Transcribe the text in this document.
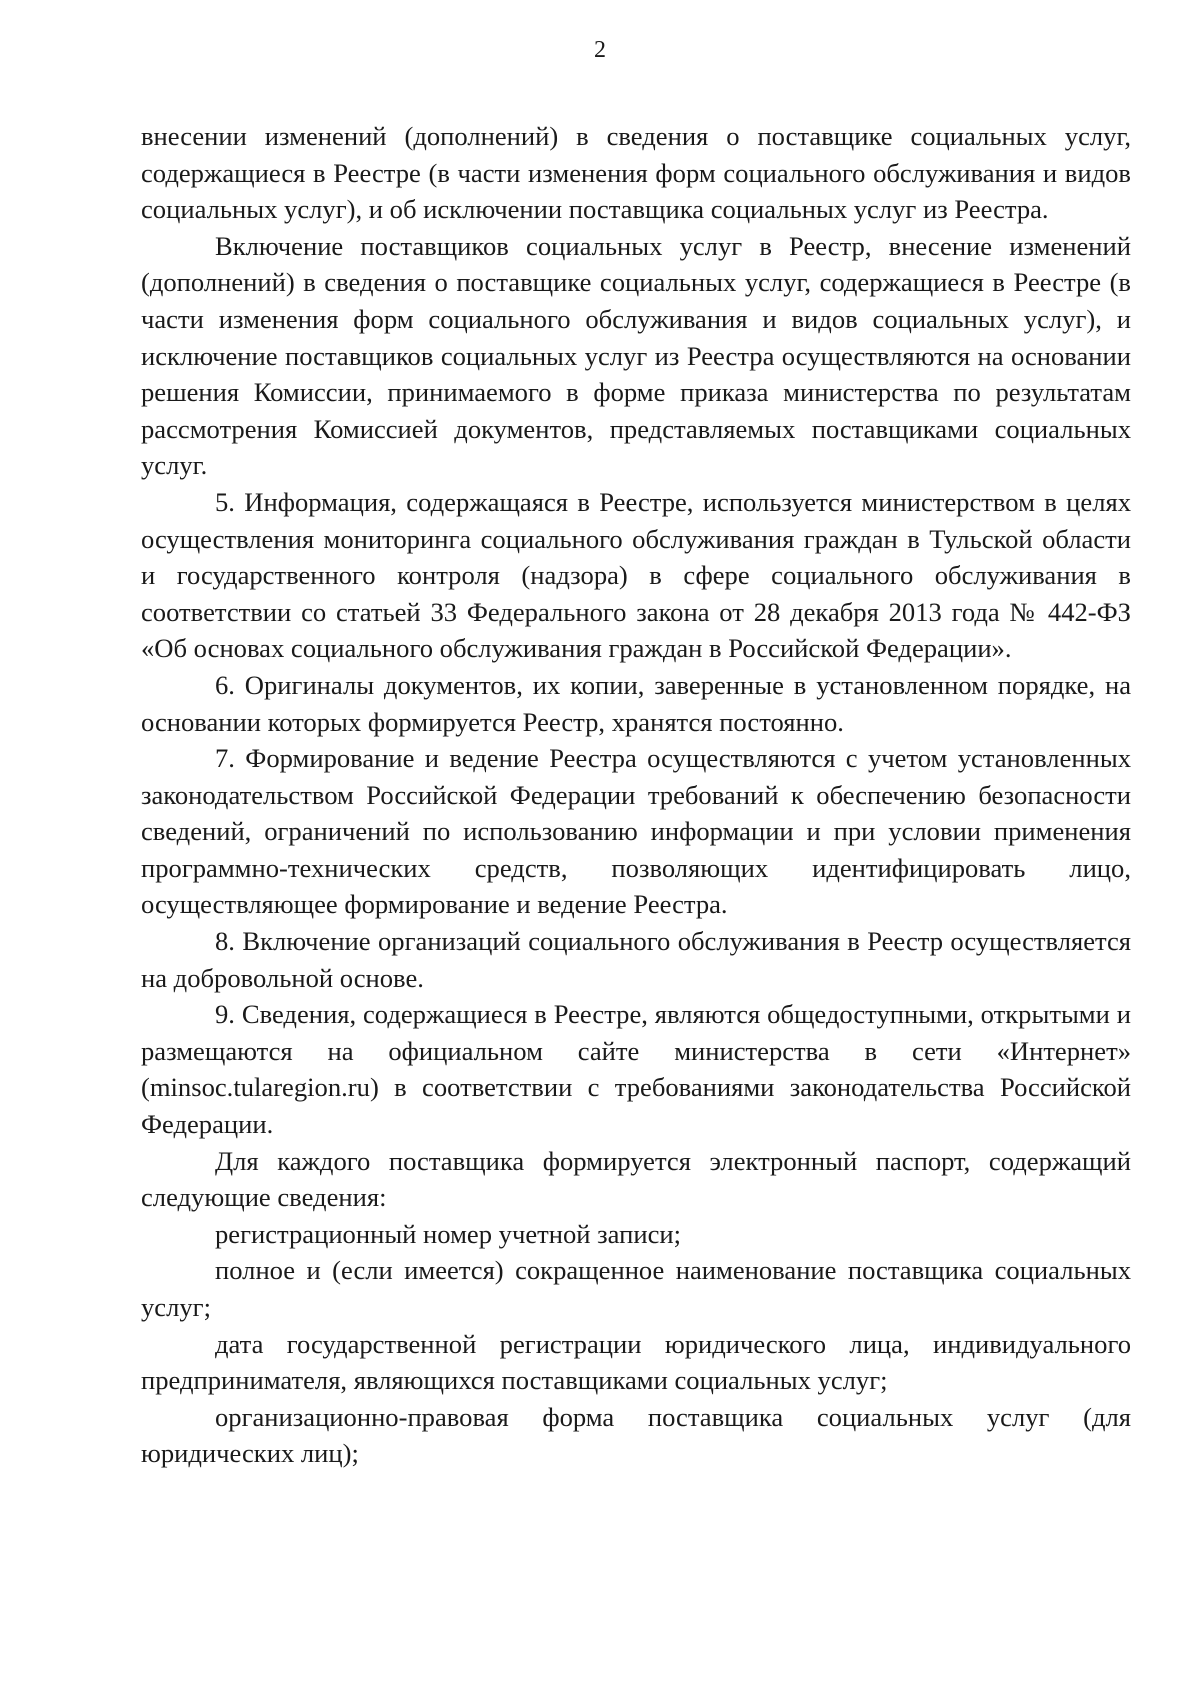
2

внесении изменений (дополнений) в сведения о поставщике социальных услуг, содержащиеся в Реестре (в части изменения форм социального обслуживания и видов социальных услуг), и об исключении поставщика социальных услуг из Реестра.

Включение поставщиков социальных услуг в Реестр, внесение изменений (дополнений) в сведения о поставщике социальных услуг, содержащиеся в Реестре (в части изменения форм социального обслуживания и видов социальных услуг), и исключение поставщиков социальных услуг из Реестра осуществляются на основании решения Комиссии, принимаемого в форме приказа министерства по результатам рассмотрения Комиссией документов, представляемых поставщиками социальных услуг.

5. Информация, содержащаяся в Реестре, используется министерством в целях осуществления мониторинга социального обслуживания граждан в Тульской области и государственного контроля (надзора) в сфере социального обслуживания в соответствии со статьей 33 Федерального закона от 28 декабря 2013 года № 442-ФЗ «Об основах социального обслуживания граждан в Российской Федерации».

6. Оригиналы документов, их копии, заверенные в установленном порядке, на основании которых формируется Реестр, хранятся постоянно.

7. Формирование и ведение Реестра осуществляются с учетом установленных законодательством Российской Федерации требований к обеспечению безопасности сведений, ограничений по использованию информации и при условии применения программно-технических средств, позволяющих идентифицировать лицо, осуществляющее формирование и ведение Реестра.

8. Включение организаций социального обслуживания в Реестр осуществляется на добровольной основе.

9. Сведения, содержащиеся в Реестре, являются общедоступными, открытыми и размещаются на официальном сайте министерства в сети «Интернет» (minsoc.tularegion.ru) в соответствии с требованиями законодательства Российской Федерации.

Для каждого поставщика формируется электронный паспорт, содержащий следующие сведения:

регистрационный номер учетной записи;

полное и (если имеется) сокращенное наименование поставщика социальных услуг;

дата государственной регистрации юридического лица, индивидуального предпринимателя, являющихся поставщиками социальных услуг;

организационно-правовая форма поставщика социальных услуг (для юридических лиц);
